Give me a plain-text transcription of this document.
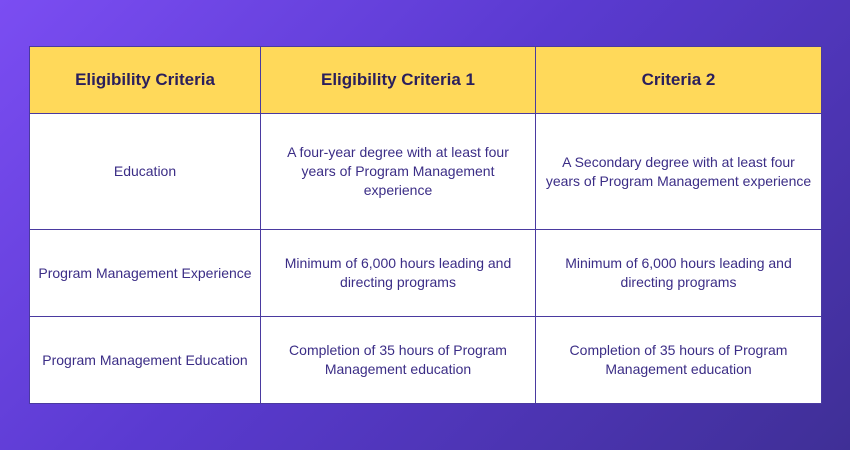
Eligibility Criteria	Eligibility Criteria 1	Criteria 2
Education	A four-year degree with at least four years of Program Management experience	A Secondary degree with at least four years of Program Management experience
Program Management Experience	Minimum of 6,000 hours leading and directing programs	Minimum of 6,000 hours leading and directing programs
Program Management Education	Completion of 35 hours of Program Management education	Completion of 35 hours of Program Management education
